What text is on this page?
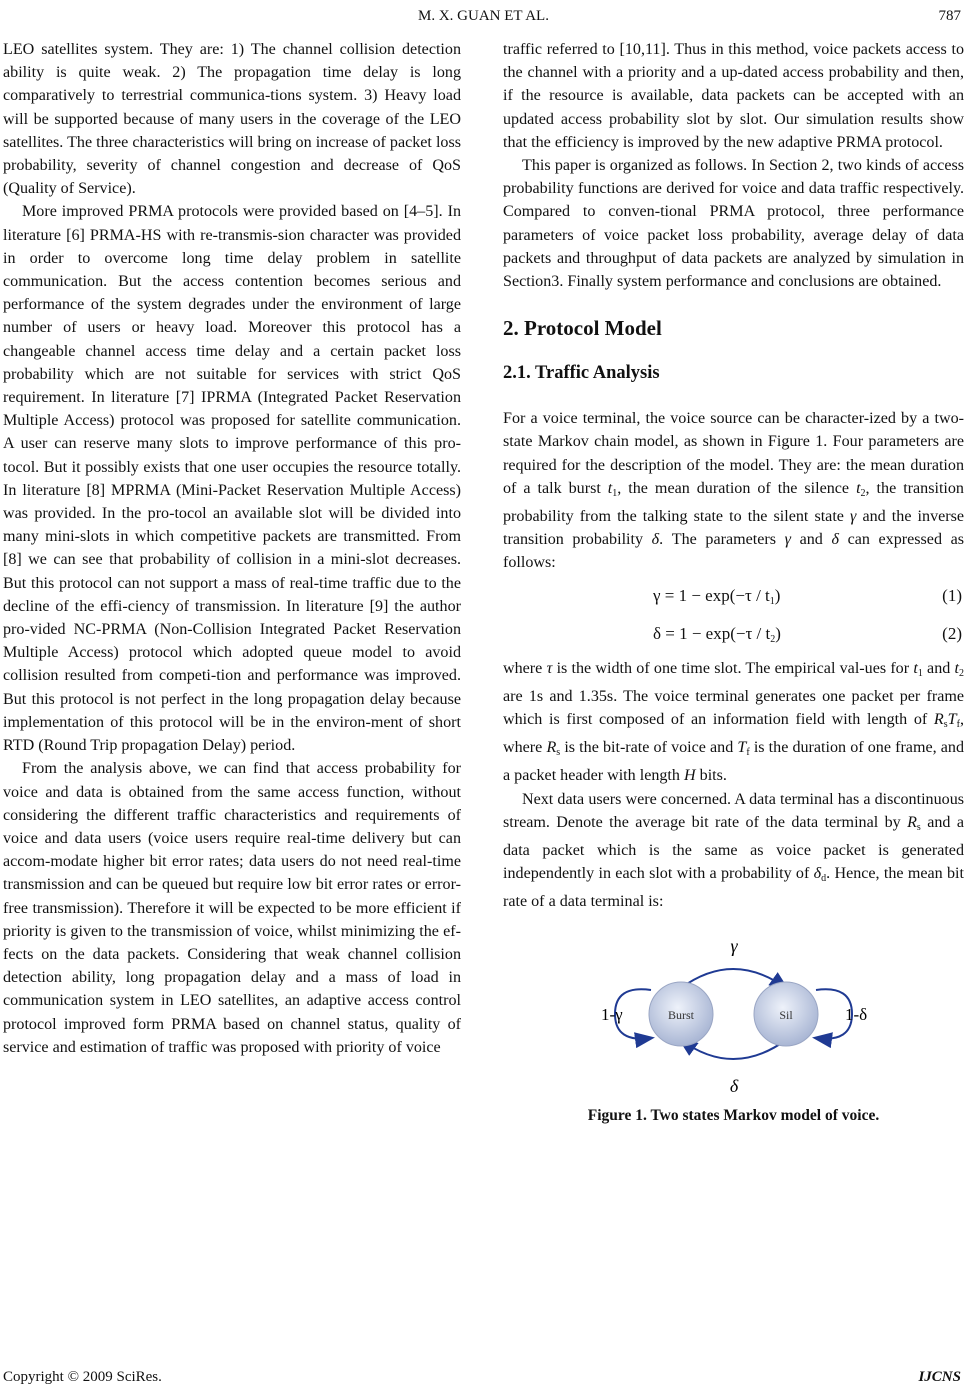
M. X. GUAN ET AL.	787

LEO satellites system. They are: 1) The channel collision detection ability is quite weak. 2) The propagation time delay is long comparatively to terrestrial communica-tions system. 3) Heavy load will be supported because of many users in the coverage of the LEO satellites. The three characteristics will bring on increase of packet loss probability, severity of channel congestion and decrease of QoS (Quality of Service).

More improved PRMA protocols were provided based on [4–5]. In literature [6] PRMA-HS with re-transmis-sion character was provided in order to overcome long time delay problem in satellite communication. But the access contention becomes serious and performance of the system degrades under the environment of large number of users or heavy load. Moreover this protocol has a changeable channel access time delay and a certain packet loss probability which are not suitable for services with strict QoS requirement. In literature [7] IPRMA (Integrated Packet Reservation Multiple Access) protocol was proposed for satellite communication. A user can reserve many slots to improve performance of this pro-tocol. But it possibly exists that one user occupies the resource totally. In literature [8] MPRMA (Mini-Packet Reservation Multiple Access) was provided. In the pro-tocol an available slot will be divided into many mini-slots in which competitive packets are transmitted. From [8] we can see that probability of collision in a mini-slot decreases. But this protocol can not support a mass of real-time traffic due to the decline of the effi-ciency of transmission. In literature [9] the author pro-vided NC-PRMA (Non-Collision Integrated Packet Reservation Multiple Access) protocol which adopted queue model to avoid collision resulted from competi-tion and performance was improved. But this protocol is not perfect in the long propagation delay because implementation of this protocol will be in the environ-ment of short RTD (Round Trip propagation Delay) period.

From the analysis above, we can find that access probability for voice and data is obtained from the same access function, without considering the different traffic characteristics and requirements of voice and data users (voice users require real-time delivery but can accom-modate higher bit error rates; data users do not need real-time transmission and can be queued but require low bit error rates or error-free transmission). Therefore it will be expected to be more efficient if priority is given to the transmission of voice, whilst minimizing the ef-fects on the data packets. Considering that weak channel collision detection ability, long propagation delay and a mass of load in communication system in LEO satellites, an adaptive access control protocol improved form PRMA based on channel status, quality of service and estimation of traffic was proposed with priority of voice

traffic referred to [10,11]. Thus in this method, voice packets access to the channel with a priority and a up-dated access probability and then, if the resource is available, data packets can be accepted with an updated access probability slot by slot. Our simulation results show that the efficiency is improved by the new adaptive PRMA protocol.

This paper is organized as follows. In Section 2, two kinds of access probability functions are derived for voice and data traffic respectively. Compared to conven-tional PRMA protocol, three performance parameters of voice packet loss probability, average delay of data packets and throughput of data packets are analyzed by simulation in Section3. Finally system performance and conclusions are obtained.

2. Protocol Model
2.1. Traffic Analysis

For a voice terminal, the voice source can be character-ized by a two-state Markov chain model, as shown in Figure 1. Four parameters are required for the description of the model. They are: the mean duration of a talk burst $t_1$, the mean duration of the silence $t_2$, the transition probability from the talking state to the silent state γ and the inverse transition probability δ. The parameters γ and δ can expressed as follows:

$\gamma = 1 - \exp(-\tau / t_1)$	(1)
$\delta = 1 - \exp(-\tau / t_2)$	(2)

where τ is the width of one time slot. The empirical val-ues for $t_1$ and $t_2$ are 1s and 1.35s. The voice terminal generates one packet per frame which is first composed of an information field with length of $R_sT_f$, where $R_s$ is the bit-rate of voice and $T_f$ is the duration of one frame, and a packet header with length H bits.

Next data users were concerned. A data terminal has a discontinuous stream. Denote the average bit rate of the data terminal by $R_s$ and a data packet which is the same as voice packet is generated independently in each slot with a probability of $\delta_d$. Hence, the mean bit rate of a data terminal is:

Burst	Sil
γ
δ
1-γ	1-δ
Figure 1. Two states Markov model of voice.
Copyright © 2009 SciRes.	IJCNS
